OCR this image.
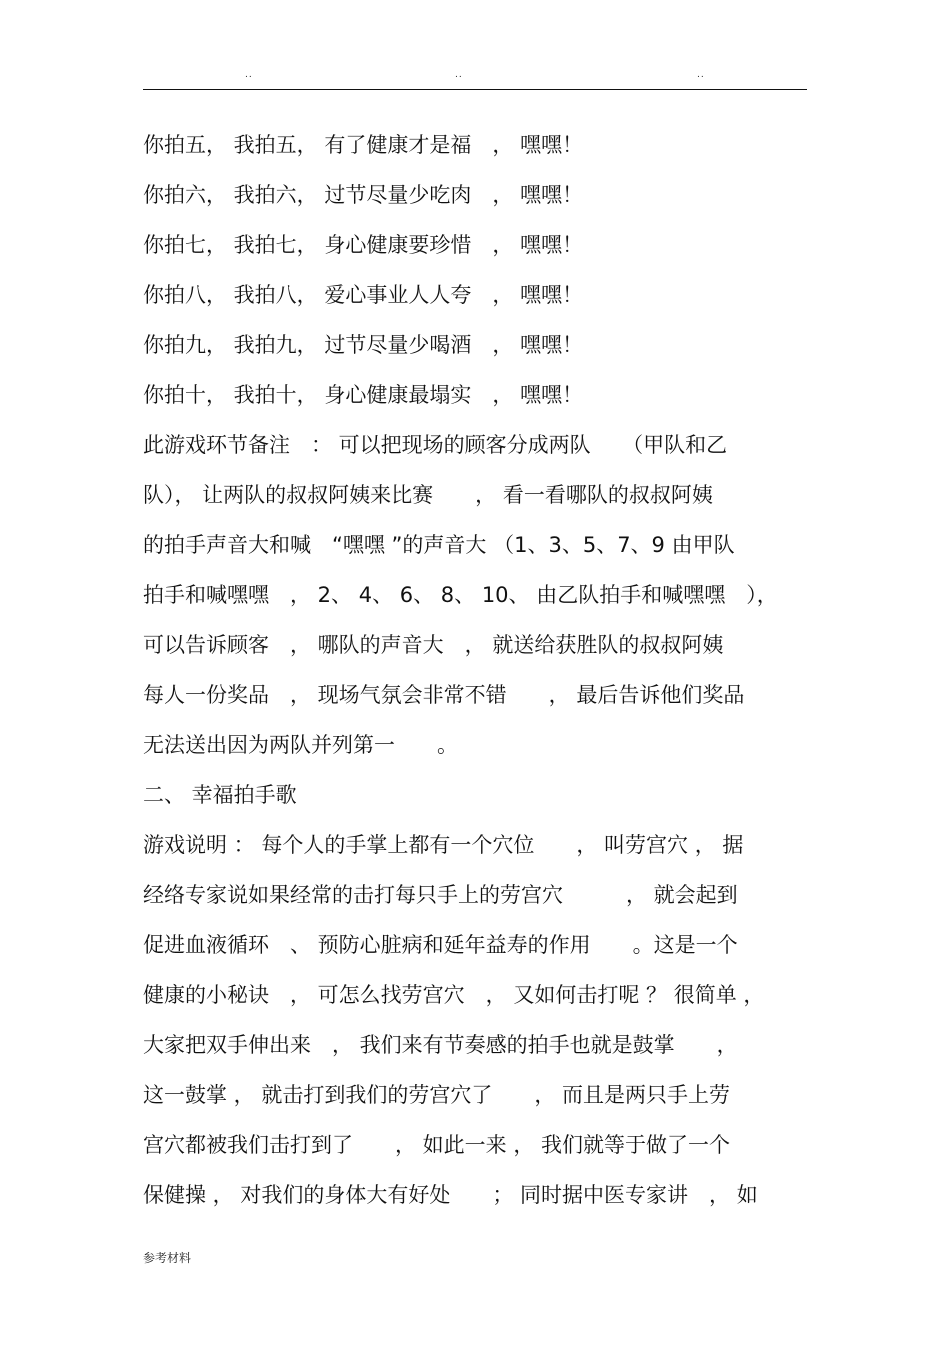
..	..	..
你拍五， 我拍五， 有了健康才是福　， 嘿嘿！
你拍六， 我拍六， 过节尽量少吃肉　， 嘿嘿！
你拍七， 我拍七， 身心健康要珍惜　， 嘿嘿！
你拍八， 我拍八， 爱心事业人人夸　， 嘿嘿！
你拍九， 我拍九， 过节尽量少喝酒　， 嘿嘿！
你拍十， 我拍十， 身心健康最塌实　， 嘿嘿！
此游戏环节备注　： 可以把现场的顾客分成两队　　（甲队和乙
队）， 让两队的叔叔阿姨来比赛　　， 看一看哪队的叔叔阿姨
的拍手声音大和喊　“嘿嘿 ”的声音大 （1、3、5、7、9 由甲队
拍手和喊嘿嘿　， 2、 4、 6、 8、 10、 由乙队拍手和喊嘿嘿　），
可以告诉顾客　， 哪队的声音大　， 就送给获胜队的叔叔阿姨
每人一份奖品　， 现场气氛会非常不错　　， 最后告诉他们奖品
无法送出因为两队并列第一　　。
二、 幸福拍手歌
游戏说明 ： 每个人的手掌上都有一个穴位　　， 叫劳宫穴 ， 据
经络专家说如果经常的击打每只手上的劳宫穴　　　， 就会起到
促进血液循环　、 预防心脏病和延年益寿的作用　　。这是一个
健康的小秘诀　， 可怎么找劳宫穴　， 又如何击打呢 ？ 很简单 ，
大家把双手伸出来　， 我们来有节奏感的拍手也就是鼓掌　　，
这一鼓掌 ， 就击打到我们的劳宫穴了　　， 而且是两只手上劳
宫穴都被我们击打到了　　， 如此一来 ， 我们就等于做了一个
保健操 ， 对我们的身体大有好处　　； 同时据中医专家讲　， 如
参考材料
